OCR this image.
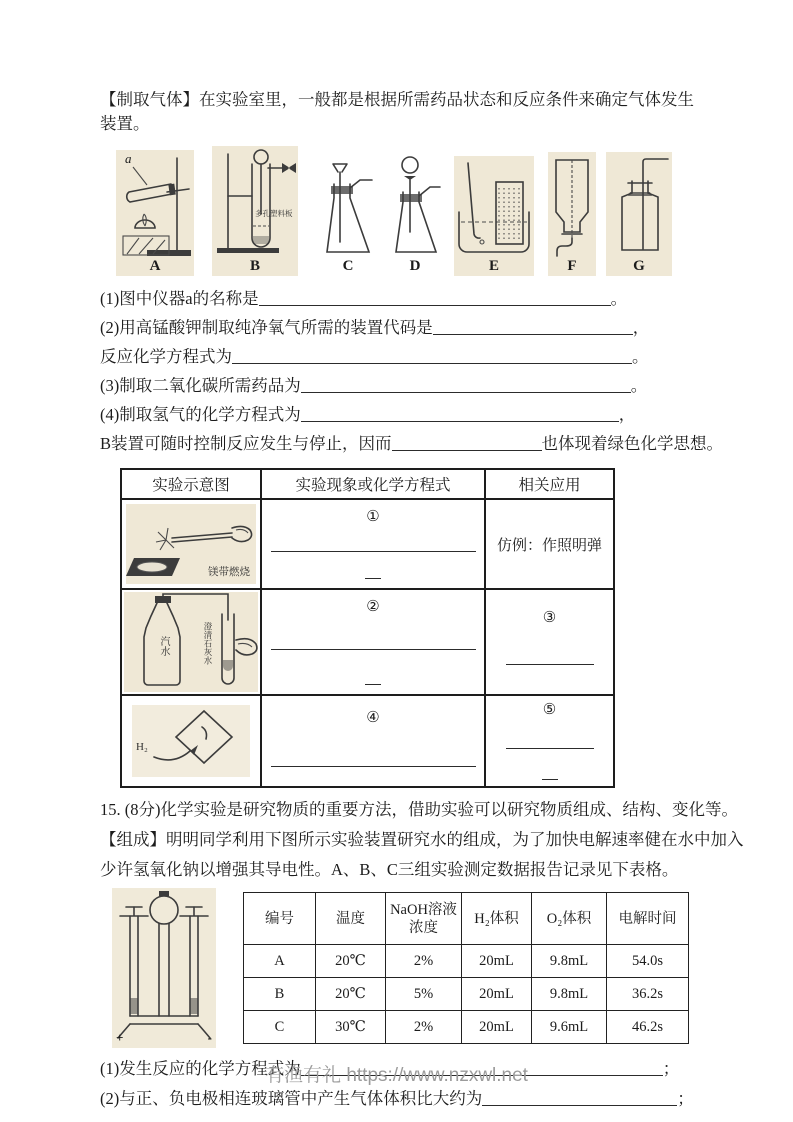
【制取气体】在实验室里，一般都是根据所需药品状态和反应条件来确定气体发生装置。

a
A
多孔塑料板
B	C	D	E	F	G

(1)图中仪器a的名称是	。

(2)用高锰酸钾制取纯净氧气所需的装置代码是	，

反应化学方程式为	。

(3)制取二氧化碳所需药品为	。

(4)制取氢气的化学方程式为	，

B装置可随时控制反应发生与停止，因而	也体现着绿色化学思想。

实验示意图	实验现象或化学方程式	相关应用

镁带燃烧	①	仿例：作照明弹

汽水 澄清石灰水	②	③

H₂	④	⑤

15. (8分)化学实验是研究物质的重要方法，借助实验可以研究物质组成、结构、变化等。

【组成】明明同学利用下图所示实验装置研究水的组成，为了加快电解速率健在水中加入

少许氢氧化钠以增强其导电性。A、B、C三组实验测定数据报告记录见下表格。

+	-
编号	温度	NaOH溶液浓度	H₂体积	O₂体积	电解时间
A	20℃	2%	20mL	9.8mL	54.0s
B	20℃	5%	20mL	9.8mL	36.2s
C	30℃	2%	20mL	9.6mL	46.2s

(1)发生反应的化学方程式为	；

(2)与正、负电极相连玻璃管中产生气体体积比大约为	；

有渔有礼 https://www.nzxwl.net
